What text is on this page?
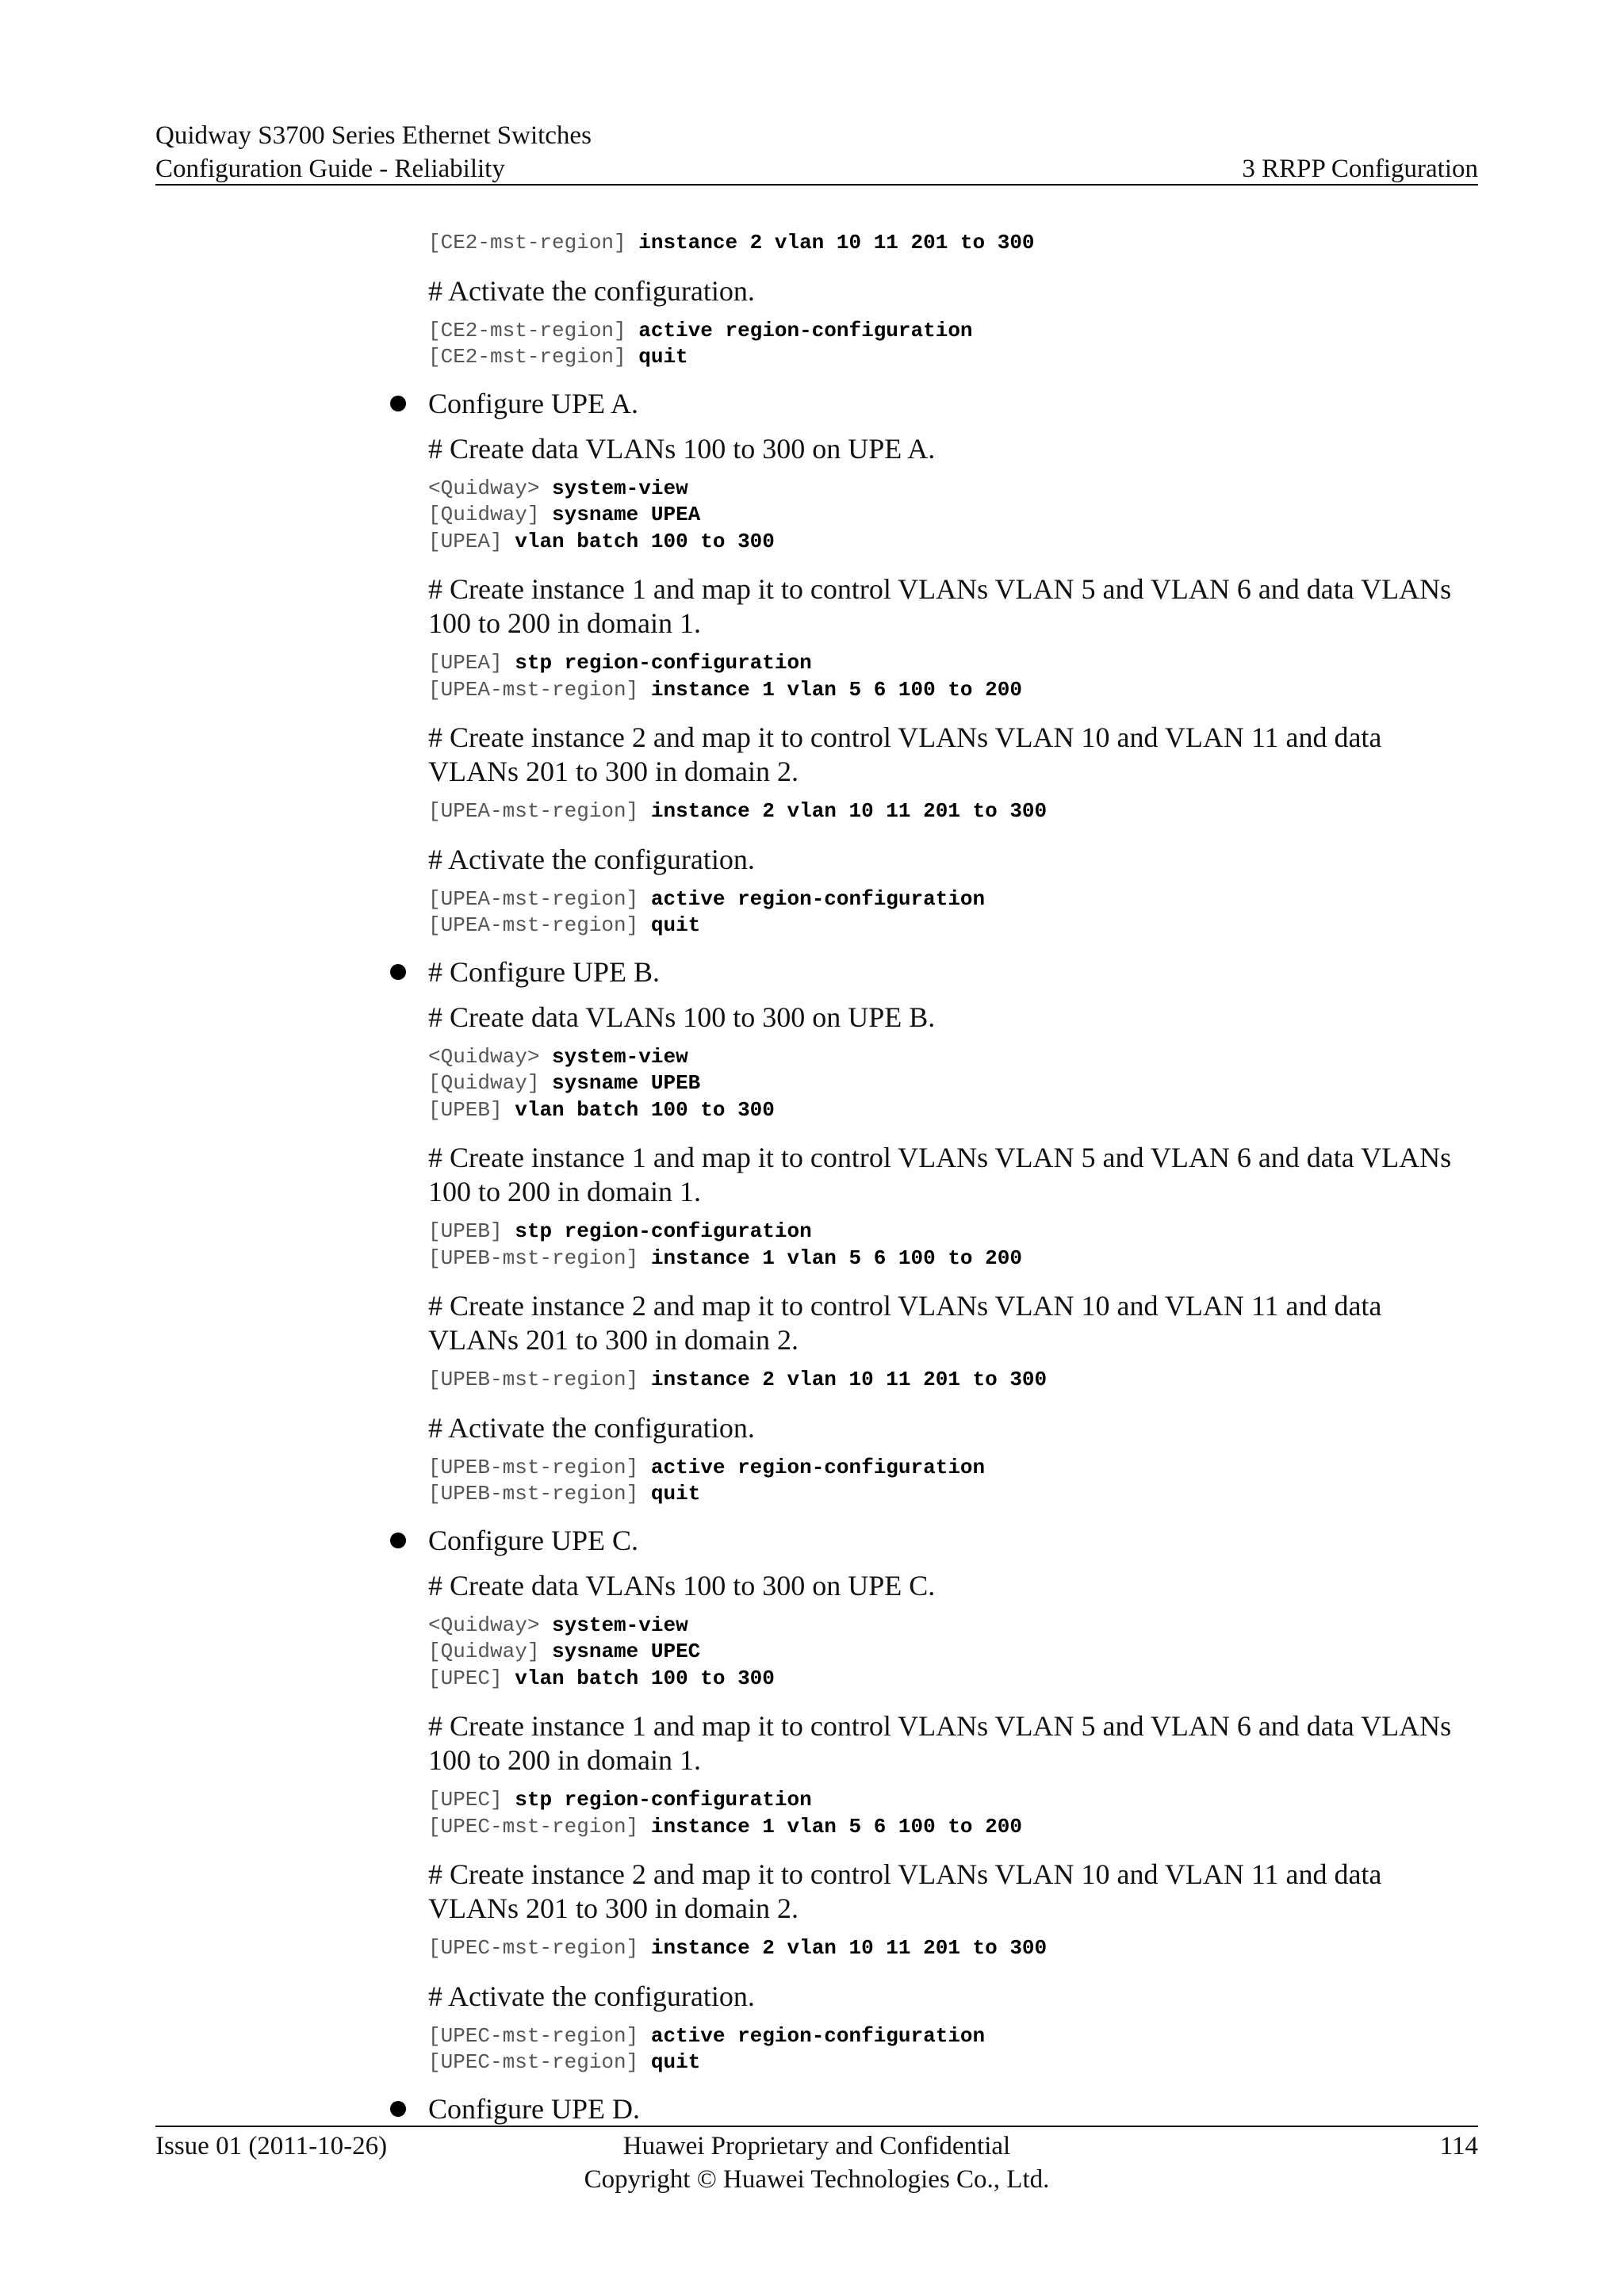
Quidway S3700 Series Ethernet Switches
Configuration Guide - Reliability	3 RRPP Configuration
[CE2-mst-region] instance 2 vlan 10 11 201 to 300
# Activate the configuration.
[CE2-mst-region] active region-configuration
[CE2-mst-region] quit
Configure UPE A.
# Create data VLANs 100 to 300 on UPE A.
<Quidway> system-view
[Quidway] sysname UPEA
[UPEA] vlan batch 100 to 300
# Create instance 1 and map it to control VLANs VLAN 5 and VLAN 6 and data VLANs 100 to 200 in domain 1.
[UPEA] stp region-configuration
[UPEA-mst-region] instance 1 vlan 5 6 100 to 200
# Create instance 2 and map it to control VLANs VLAN 10 and VLAN 11 and data VLANs 201 to 300 in domain 2.
[UPEA-mst-region] instance 2 vlan 10 11 201 to 300
# Activate the configuration.
[UPEA-mst-region] active region-configuration
[UPEA-mst-region] quit
# Configure UPE B.
# Create data VLANs 100 to 300 on UPE B.
<Quidway> system-view
[Quidway] sysname UPEB
[UPEB] vlan batch 100 to 300
# Create instance 1 and map it to control VLANs VLAN 5 and VLAN 6 and data VLANs 100 to 200 in domain 1.
[UPEB] stp region-configuration
[UPEB-mst-region] instance 1 vlan 5 6 100 to 200
# Create instance 2 and map it to control VLANs VLAN 10 and VLAN 11 and data VLANs 201 to 300 in domain 2.
[UPEB-mst-region] instance 2 vlan 10 11 201 to 300
# Activate the configuration.
[UPEB-mst-region] active region-configuration
[UPEB-mst-region] quit
Configure UPE C.
# Create data VLANs 100 to 300 on UPE C.
<Quidway> system-view
[Quidway] sysname UPEC
[UPEC] vlan batch 100 to 300
# Create instance 1 and map it to control VLANs VLAN 5 and VLAN 6 and data VLANs 100 to 200 in domain 1.
[UPEC] stp region-configuration
[UPEC-mst-region] instance 1 vlan 5 6 100 to 200
# Create instance 2 and map it to control VLANs VLAN 10 and VLAN 11 and data VLANs 201 to 300 in domain 2.
[UPEC-mst-region] instance 2 vlan 10 11 201 to 300
# Activate the configuration.
[UPEC-mst-region] active region-configuration
[UPEC-mst-region] quit
Configure UPE D.
Issue 01 (2011-10-26)	Huawei Proprietary and Confidential
Copyright © Huawei Technologies Co., Ltd.
114
